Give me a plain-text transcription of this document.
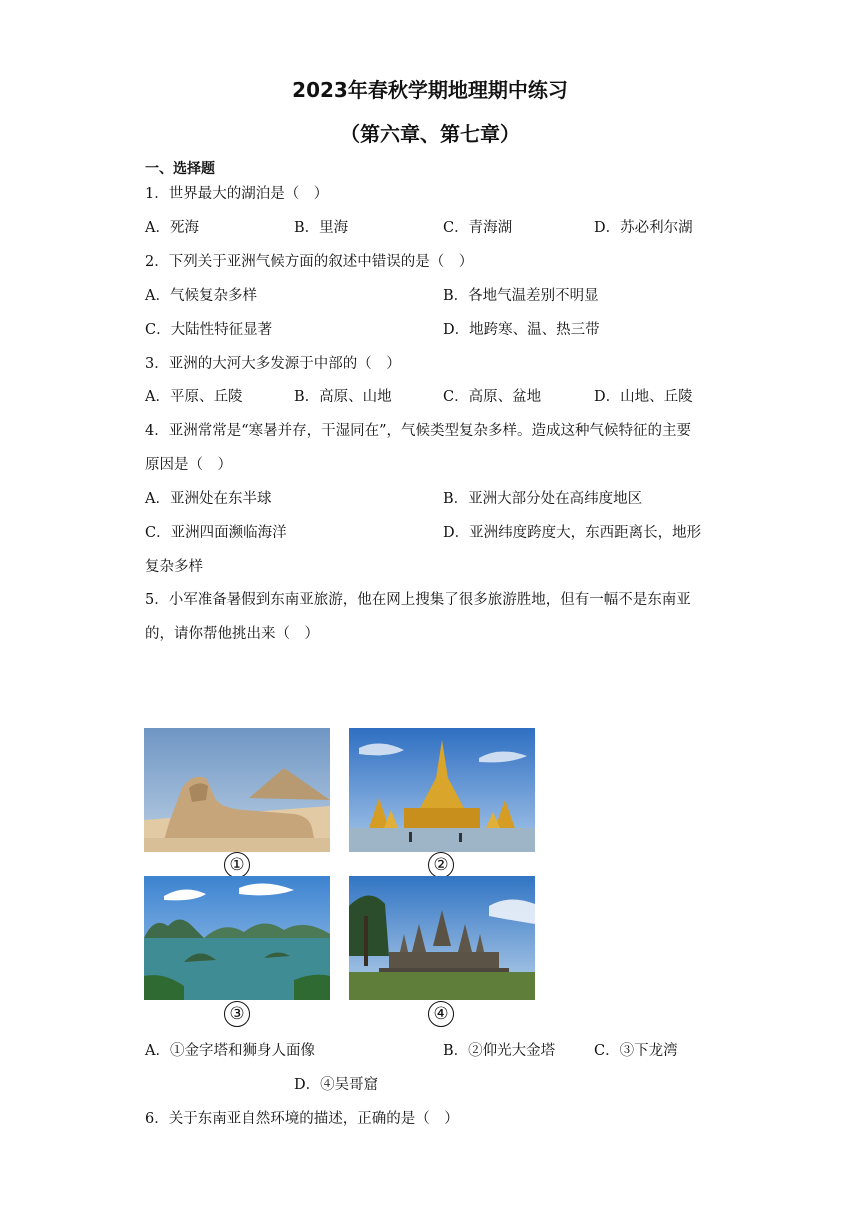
2023年春秋学期地理期中练习
（第六章、第七章）
一、选择题
1．世界最大的湖泊是（　）
A．死海	B．里海	C．青海湖	D．苏必利尔湖
2．下列关于亚洲气候方面的叙述中错误的是（　）
A．气候复杂多样	B．各地气温差别不明显
C．大陆性特征显著	D．地跨寒、温、热三带
3．亚洲的大河大多发源于中部的（　）
A．平原、丘陵	B．高原、山地	C．高原、盆地	D．山地、丘陵
4．亚洲常常是“寒暑并存，干湿同在”，气候类型复杂多样。造成这种气候特征的主要
原因是（　）
A．亚洲处在东半球	B．亚洲大部分处在高纬度地区
C．亚洲四面濒临海洋	D．亚洲纬度跨度大，东西距离长，地形
复杂多样
5．小军准备暑假到东南亚旅游，他在网上搜集了很多旅游胜地，但有一幅不是东南亚
的，请你帮他挑出来（　）
①	②
③	④
A．①金字塔和狮身人面像	B．②仰光大金塔	C．③下龙湾
D．④吴哥窟
6．关于东南亚自然环境的描述，正确的是（　）
